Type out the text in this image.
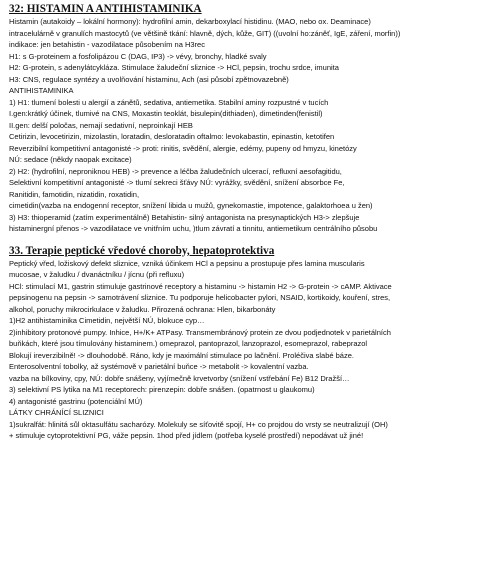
32: HISTAMIN A ANTIHISTAMINIKA
Histamin (autakoidy – lokální hormony): hydrofilní amin, dekarboxylací histidinu. (MAO, nebo ox. Deaminace)
intracelulárně v granulích mastocytů (ve většině tkání: hlavně, dých, kůže, GIT) ((uvolní ho:záněť, IgE, záření, morfin))
indikace: jen betahistin - vazodilatace působením na H3rec
H1: s G-proteinem a fosfolipázou C (DAG, IP3) -> vévy, bronchy, hladké svaly
H2: G-protein, s adenylátcykláza. Stimulace žaludeční sliznice -> HCl, pepsin, trochu srdce, imunita
H3: CNS, regulace syntézy a uvolňování histaminu, Ach (asi působí zpětnovazebně)
ANTIHISTAMINIKA
1) H1: tlumení bolesti u alergií a zánětů, sedativa, antiemetika. Stabilní aminy rozpustné v tucích
I.gen:krátký účinek, tlumivé na CNS, Moxastin teoklát, bisulepin(dithiaden), dimetinden(fenistil)
II.gen: delší poločas, nemají sedativní, neproinkají HEB
Cetirizin, levocetirizin, mizolastin, loratadin, desloratadin oftalmo: levokabastin, epinastin, ketotifen
Reverzibilní kompetitivní antagonisté -> proti: rinitis, svědění, alergie, edémy, pupeny od hmyzu, kinetózy
NÚ: sedace (někdy naopak excitace)
2) H2: (hydrofilní, neproniknou HEB) -> prevence a léčba žaludečních ulcerací, refluxní aesofagitidu,
Selektivní kompetitivní antagonisté -> tlumí sekreci šťávy NÚ: vyrážky, svědění, snížení absorbce Fe,
Ranitidin, famotidin, nizatidin, roxatidin,
cimetidin(vazba na endogenní receptor, snížení libida u mužů, gynekomastie, impotence, galaktorhoea u žen)
3) H3: thioperamid (zatím experimentálně) Betahistin- silný antagonista na presynaptických H3-> zlepšuje
histaminergní přenos -> vazodilatace ve vnitřním uchu, )tlum závratí a tinnitu, antiemetikum centrálního působu
33. Terapie peptické vředové choroby, hepatoprotektiva
Peptický vřed, ložiskový defekt sliznice, vzniká účinkem HCl a pepsinu a prostupuje přes lamina muscularis
mucosae, v žaludku / dvanáctníku / jícnu (při refluxu)
HCl: stimulací M1, gastrin stimuluje gastrinové receptory a histaminu -> histamin H2 -> G-protein -> cAMP. Aktivace
pepsinogenu na pepsin -> samotrávení sliznice. Tu podporuje helicobacter pylori, NSAID, kortikoidy, kouření, stres,
alkohol, poruchy mikrocirkulace v žaludku. Přirozená ochrana: Hlen, bikarbonáty
1)H2 antihistaminika Cimetidin, největší NÚ, blokuce cyp…
2)inhibitory protonové pumpy. Inhice, H+/K+ ATPasy. Transmembránový protein ze dvou podjednotek v parietálních
buňkách, které jsou tímulovány histaminem.) omeprazol, pantoprazol, lanzoprazol, esomeprazol, rabeprazol
Blokují ireverzibilně! -> dlouhodobě. Ráno, kdy je maximální stimulace po lačnění. Proléčiva slabé báze.
Enterosolventní tobolky, až systémově v parietální buňce -> metabolit -> kovalentní vazba.
vazba na bílkoviny, cpy, NÚ: dobře snášeny, vyjímečně krvetvorby (snížení vstřebání Fe) B12 Dražší…
3) selektivní PS lytika na M1 receptorech: pirenzepin: dobře snášen. (opatrnost u glaukomu)
4) antagonisté gastrinu (potenciální MÚ)
LÁTKY CHRÁNÍCÍ SLIZNICI
1)sukralfát: hlinitá sůl oktasulfátu sacharózy. Molekuly se síťovitě spojí, H+ co projdou do vrsty se neutralizují (OH)
+ stimuluje cytoprotektivní PG, váže pepsin. 1hod před jídlem (potřeba kyselé prostředí) nepodávat už jiné!
